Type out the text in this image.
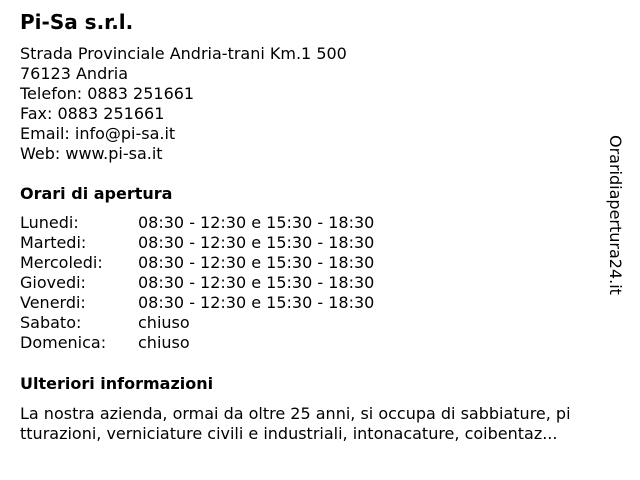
Pi-Sa s.r.l.
Strada Provinciale Andria-trani Km.1 500
76123 Andria
Telefon: 0883 251661
Fax: 0883 251661
Email: info@pi-sa.it
Web: www.pi-sa.it
Orari di apertura
Lunedi:	08:30 - 12:30 e 15:30 - 18:30
Martedi:	08:30 - 12:30 e 15:30 - 18:30
Mercoledi: 08:30 - 12:30 e 15:30 - 18:30
Giovedi:	08:30 - 12:30 e 15:30 - 18:30
Venerdi:	08:30 - 12:30 e 15:30 - 18:30
Sabato:	chiuso
Domenica: chiuso
Ulteriori informazioni
La nostra azienda, ormai da oltre 25 anni, si occupa di sabbiature, pi
tturazioni, verniciature civili e industriali, intonacature, coibentaz...
Oraridiapertura24.it
